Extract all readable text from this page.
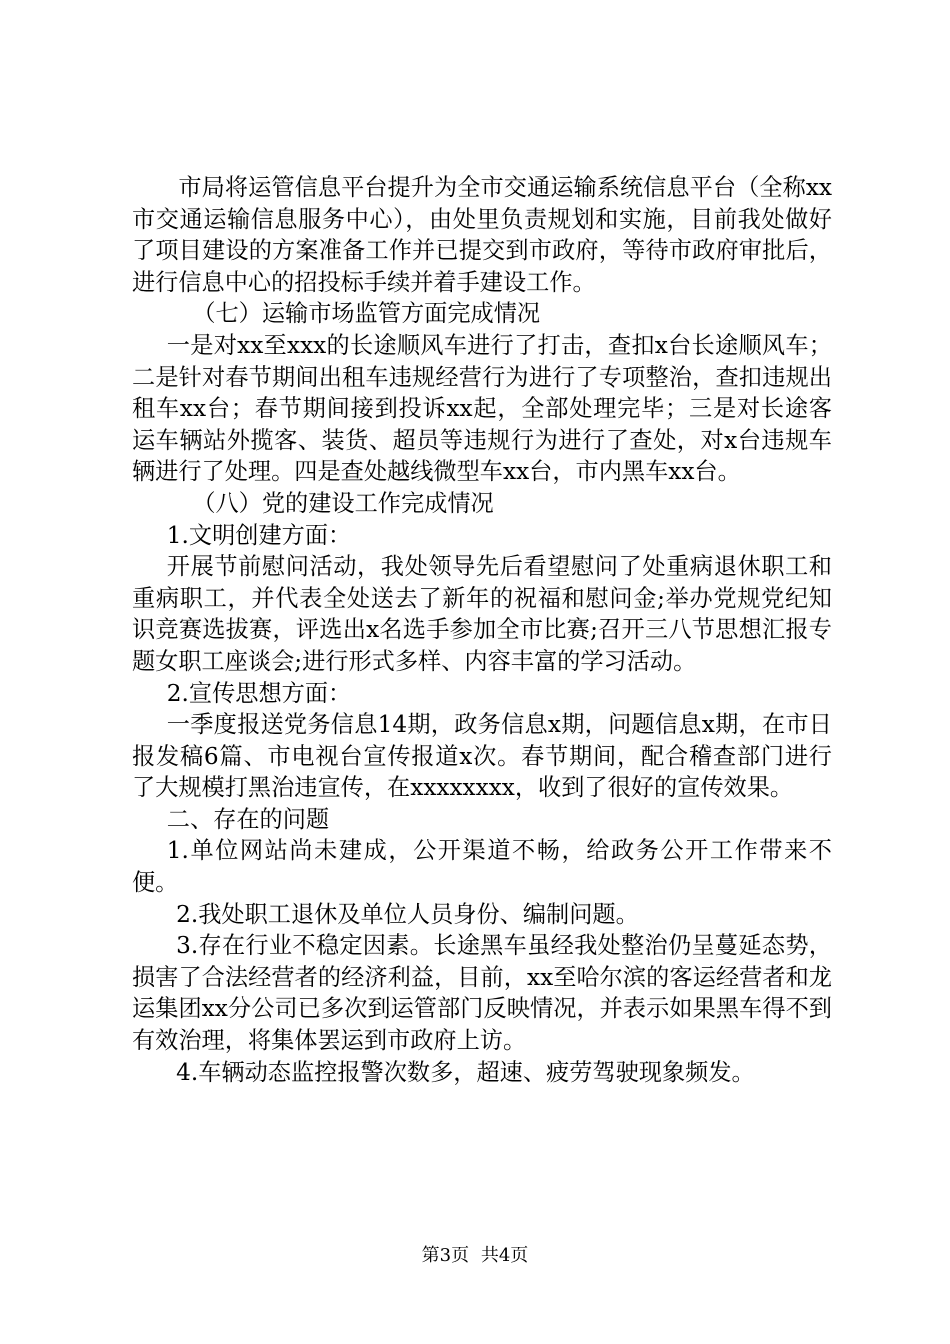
市局将运管信息平台提升为全市交通运输系统信息平台（全称xx市交通运输信息服务中心），由处里负责规划和实施，目前我处做好了项目建设的方案准备工作并已提交到市政府，等待市政府审批后，进行信息中心的招投标手续并着手建设工作。

（七）运输市场监管方面完成情况

一是对xx至xxx的长途顺风车进行了打击，查扣x台长途顺风车；二是针对春节期间出租车违规经营行为进行了专项整治，查扣违规出租车xx台；春节期间接到投诉xx起，全部处理完毕；三是对长途客运车辆站外揽客、装货、超员等违规行为进行了查处，对x台违规车辆进行了处理。四是查处越线微型车xx台，市内黑车xx台。

（八）党的建设工作完成情况

1.文明创建方面：

开展节前慰问活动，我处领导先后看望慰问了处重病退休职工和重病职工，并代表全处送去了新年的祝福和慰问金;举办党规党纪知识竞赛选拔赛，评选出x名选手参加全市比赛;召开三八节思想汇报专题女职工座谈会;进行形式多样、内容丰富的学习活动。

2.宣传思想方面：

一季度报送党务信息14期，政务信息x期，问题信息x期，在市日报发稿6篇、市电视台宣传报道x次。春节期间，配合稽查部门进行了大规模打黑治违宣传，在xxxxxxxx，收到了很好的宣传效果。

二、存在的问题

1.单位网站尚未建成，公开渠道不畅，给政务公开工作带来不便。

2.我处职工退休及单位人员身份、编制问题。

3.存在行业不稳定因素。长途黑车虽经我处整治仍呈蔓延态势，损害了合法经营者的经济利益，目前，xx至哈尔滨的客运经营者和龙运集团xx分公司已多次到运管部门反映情况，并表示如果黑车得不到有效治理，将集体罢运到市政府上访。

4.车辆动态监控报警次数多，超速、疲劳驾驶现象频发。

第3页 共4页
